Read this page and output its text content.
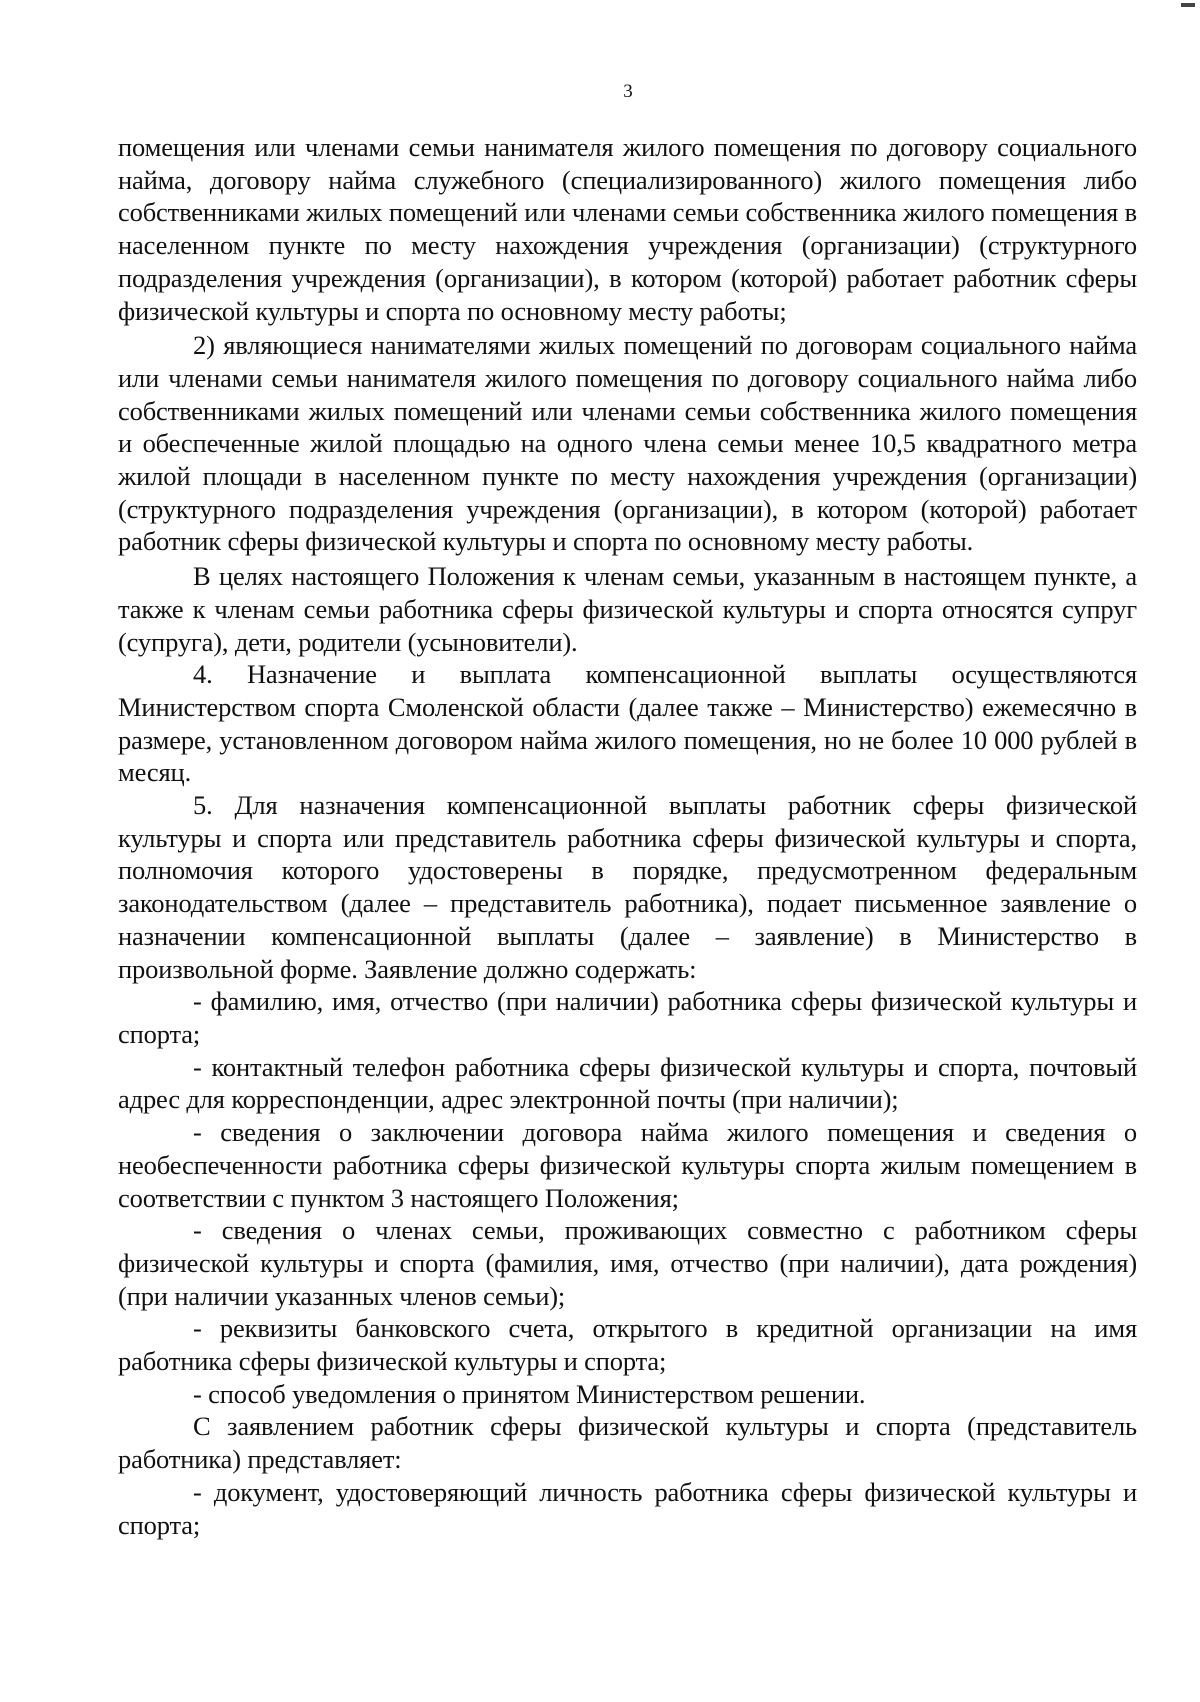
3

помещения или членами семьи нанимателя жилого помещения по договору социального найма, договору найма служебного (специализированного) жилого помещения либо собственниками жилых помещений или членами семьи собственника жилого помещения в населенном пункте по месту нахождения учреждения (организации) (структурного подразделения учреждения (организации), в котором (которой) работает работник сферы физической культуры и спорта по основному месту работы;

2) являющиеся нанимателями жилых помещений по договорам социального найма или членами семьи нанимателя жилого помещения по договору социального найма либо собственниками жилых помещений или членами семьи собственника жилого помещения и обеспеченные жилой площадью на одного члена семьи менее 10,5 квадратного метра жилой площади в населенном пункте по месту нахождения учреждения (организации) (структурного подразделения учреждения (организации), в котором (которой) работает работник сферы физической культуры и спорта по основному месту работы.

В целях настоящего Положения к членам семьи, указанным в настоящем пункте, а также к членам семьи работника сферы физической культуры и спорта относятся супруг (супруга), дети, родители (усыновители).

4. Назначение и выплата компенсационной выплаты осуществляются Министерством спорта Смоленской области (далее также – Министерство) ежемесячно в размере, установленном договором найма жилого помещения, но не более 10 000 рублей в месяц.

5. Для назначения компенсационной выплаты работник сферы физической культуры и спорта или представитель работника сферы физической культуры и спорта, полномочия которого удостоверены в порядке, предусмотренном федеральным законодательством (далее – представитель работника), подает письменное заявление о назначении компенсационной выплаты (далее – заявление) в Министерство в произвольной форме. Заявление должно содержать:

- фамилию, имя, отчество (при наличии) работника сферы физической культуры и спорта;

- контактный телефон работника сферы физической культуры и спорта, почтовый адрес для корреспонденции, адрес электронной почты (при наличии);

- сведения о заключении договора найма жилого помещения и сведения о необеспеченности работника сферы физической культуры спорта жилым помещением в соответствии с пунктом 3 настоящего Положения;

- сведения о членах семьи, проживающих совместно с работником сферы физической культуры и спорта (фамилия, имя, отчество (при наличии), дата рождения) (при наличии указанных членов семьи);

- реквизиты банковского счета, открытого в кредитной организации на имя работника сферы физической культуры и спорта;

- способ уведомления о принятом Министерством решении.

С заявлением работник сферы физической культуры и спорта (представитель работника) представляет:

- документ, удостоверяющий личность работника сферы физической культуры и спорта;
